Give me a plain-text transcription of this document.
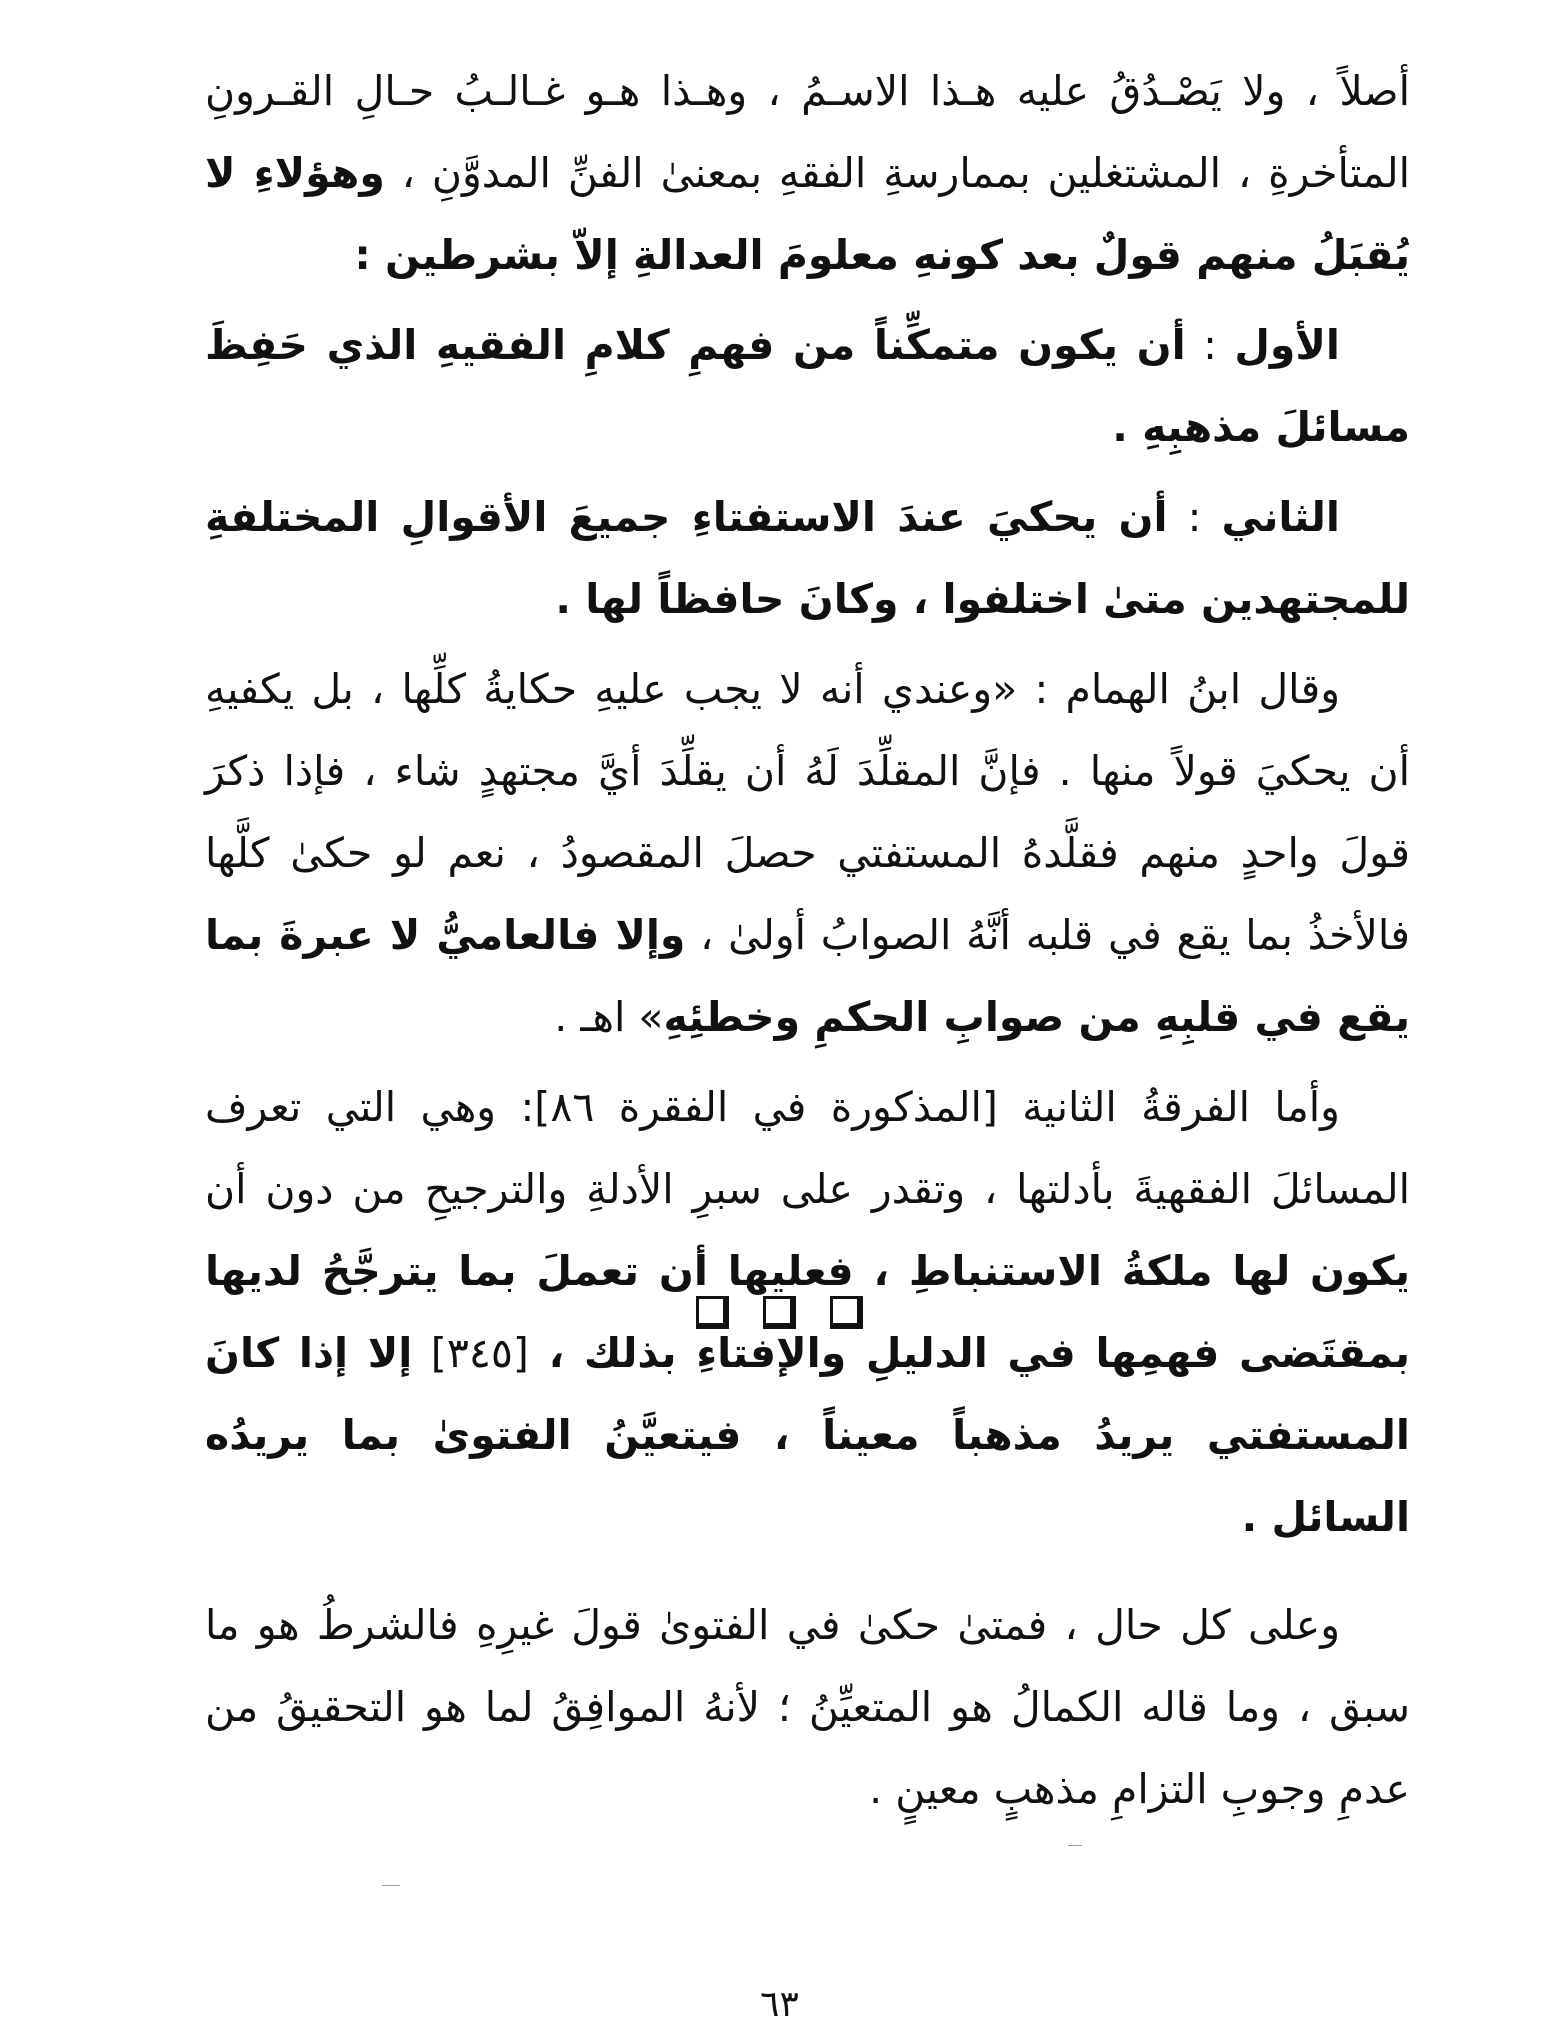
أصلاً ، ولا يَصْـدُقُ عليه هـذا الاسـمُ ، وهـذا هـو غـالـبُ حـالِ القـرونِ المتأخرةِ ، المشتغلين بممارسةِ الفقهِ بمعنىٰ الفنِّ المدوَّنِ ، وهؤلاءِ لا يُقبَلُ منهم قولٌ بعد كونهِ معلومَ العدالةِ إلاّ بشرطين :

الأول : أن يكون متمكِّناً من فهمِ كلامِ الفقيهِ الذي حَفِظَ مسائلَ مذهبِهِ .

الثاني : أن يحكيَ عندَ الاستفتاءِ جميعَ الأقوالِ المختلفةِ للمجتهدين متىٰ اختلفوا ، وكانَ حافظاً لها .

وقال ابنُ الهمام : «وعندي أنه لا يجب عليهِ حكايةُ كلِّها ، بل يكفيهِ أن يحكيَ قولاً منها . فإنَّ المقلِّدَ لَهُ أن يقلِّدَ أيَّ مجتهدٍ شاء ، فإذا ذكرَ قولَ واحدٍ منهم فقلَّدهُ المستفتي حصلَ المقصودُ ، نعم لو حكىٰ كلَّها فالأخذُ بما يقع في قلبه أنَّهُ الصوابُ أولىٰ ، وإلا فالعاميُّ لا عبرةَ بما يقع في قلبِهِ من صوابِ الحكمِ وخطئِهِ» اهـ .

وأما الفرقةُ الثانية [المذكورة في الفقرة ٨٦]: وهي التي تعرف المسائلَ الفقهيةَ بأدلتها ، وتقدر على سبرِ الأدلةِ والترجيحِ من دون أن يكون لها ملكةُ الاستنباطِ ، فعليها أن تعملَ بما يترجَّحُ لديها بمقتَضى فهمِها في الدليلِ والإفتاءِ بذلك ، [٣٤٥] إلا إذا كانَ المستفتي يريدُ مذهباً معيناً ، فيتعيَّنُ الفتوىٰ بما يريدُه السائل .

وعلى كل حال ، فمتىٰ حكىٰ في الفتوىٰ قولَ غيرِهِ فالشرطُ هو ما سبق ، وما قاله الكمالُ هو المتعيِّنُ ؛ لأنهُ الموافِقُ لما هو التحقيقُ من عدمِ وجوبِ التزامِ مذهبٍ معينٍ .

٦٣
